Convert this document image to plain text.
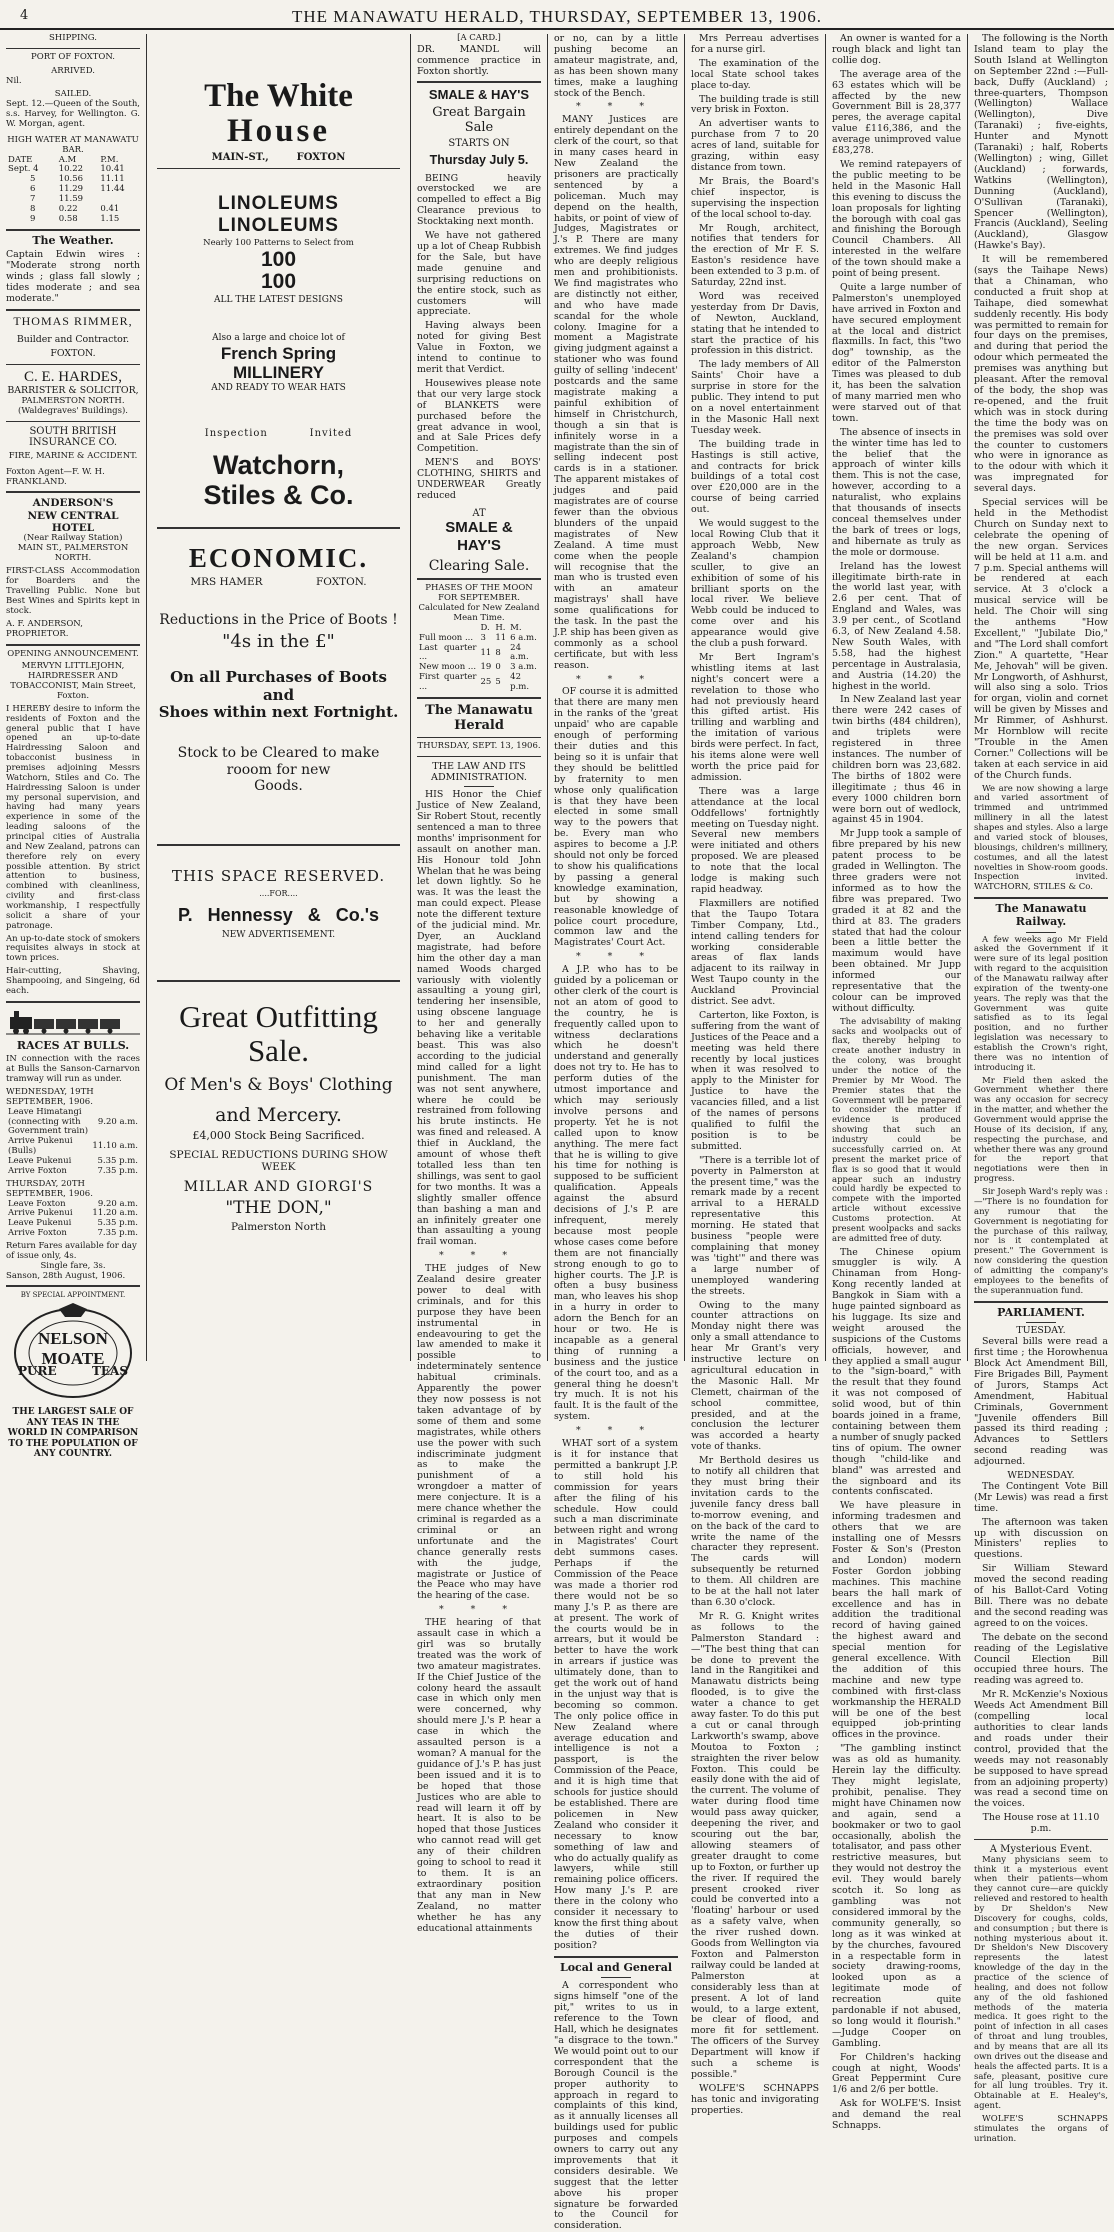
4	THE MANAWATU HERALD, THURSDAY, SEPTEMBER 13, 1906.
SHIPPING.
PORT OF FOXTON.
ARRIVED.
Nil.
SAILED.
Sept. 12.—Queen of the South, s.s. Harvey, for Wellington. G. W. Morgan, agent.
HIGH WATER AT MANAWATU BAR.
DATE	A.M	P.M.
Sept. 4	10.22	10.41
5	10.56	11.11
6	11.29	11.44
7	11.59	
8	0.22	0.41
9	0.58	1.15
The Weather.
Captain Edwin wires : "Moderate strong north winds ; glass fall slowly ; tides moderate ; and sea moderate."
THOMAS RIMMER,
Builder and Contractor.
FOXTON.
C. E. HARDES,
BARRISTER & SOLICITOR,
PALMERSTON NORTH.
(Waldegraves' Buildings).
SOUTH BRITISH INSURANCE CO.
FIRE, MARINE & ACCIDENT.
Foxton Agent—F. W. H. FRANKLAND.
ANDERSON'S
NEW CENTRAL HOTEL
(Near Railway Station)
MAIN ST., PALMERSTON NORTH.
FIRST-CLASS Accommodation for Boarders and the Travelling Public. None but Best Wines and Spirits kept in stock.
A. F. ANDERSON, PROPRIETOR.
OPENING ANNOUNCEMENT.
MERVYN LITTLEJOHN,
HAIRDRESSER AND TOBACCONIST, Main Street, Foxton.
I HEREBY desire to inform the residents of Foxton and the general public that I have opened an up-to-date Hairdressing Saloon and tobacconist business in premises adjoining Messrs Watchorn, Stiles and Co. The Hairdressing Saloon is under my personal supervision, and having had many years experience in some of the leading saloons of the principal cities of Australia and New Zealand, patrons can therefore rely on every possible attention. By strict attention to business, combined with cleanliness, civility and first-class workmanship, I respectfully solicit a share of your patronage.
An up-to-date stock of smokers requisites always in stock at town prices.
Hair-cutting, Shaving, Shampooing, and Singeing, 6d each.
RACES AT BULLS.
IN connection with the races at Bulls the Sanson-Carnarvon tramway will run as under.
WEDNESDAY, 19TH SEPTEMBER, 1906.
Leave Himatangi (connecting with Government train)	9.20 a.m.
Arrive Pukenui (Bulls)	11.10 a.m.
Leave Pukenui	5.35 p.m.
Arrive Foxton	7.35 p.m.
THURSDAY, 20TH SEPTEMBER, 1906.
Leave Foxton	9.20 a.m.
Arrive Pukenui	11.20 a.m.
Leave Pukenui	5.35 p.m.
Arrive Foxton	7.35 p.m.
Return Fares available for day of issue only, 4s.
Single fare, 3s.
Sanson, 28th August, 1906.
BY SPECIAL APPOINTMENT.
NELSON MOATE
PURE	TEAS
THE LARGEST SALE OF ANY TEAS IN THE WORLD IN COMPARISON TO THE POPULATION OF ANY COUNTRY.
The White
House
MAIN-ST.,        FOXTON
LINOLEUMS
LINOLEUMS
Nearly 100 Patterns to Select from
100
100
ALL THE LATEST DESIGNS
Also a large and choice lot of
French Spring
MILLINERY
AND READY TO WEAR HATS
Inspection          Invited
Watchorn,
Stiles & Co.
ECONOMIC.
MRS HAMER                FOXTON.
Reductions in the Price of Boots !
"4s in the £"
On all Purchases of Boots and
Shoes within next Fortnight.
Stock to be Cleared to make rooom for new
Goods.
THIS SPACE RESERVED.
....FOR....
P.   Hennessy   &   Co.'s
NEW ADVERTISEMENT.
Great Outfitting
Sale.
Of Men's & Boys' Clothing
and Mercery.
£4,000 Stock Being Sacrificed.
SPECIAL REDUCTIONS DURING SHOW WEEK
MILLAR AND GIORGI'S
"THE DON,"
Palmerston North
[A CARD.]
DR. MANDL will commence practice in Foxton shortly.
SMALE & HAY'S
Great Bargain Sale
STARTS ON
Thursday July 5.

BEING heavily overstocked we are compelled to effect a Big Clearance previous to Stocktaking next month.

We have not gathered up a lot of Cheap Rubbish for the Sale, but have made genuine and surprising reductions on the entire stock, such as customers will appreciate.

Having always been noted for giving Best Value in Foxton, we intend to continue to merit that Verdict.

Housewives please note that our very large stock of BLANKETS were purchased before the great advance in wool, and at Sale Prices defy Competition.

MEN'S and BOYS' CLOTHING, SHIRTS and UNDERWEAR Greatly reduced

AT
SMALE &
HAY'S
Clearing Sale.
PHASES OF THE MOON FOR SEPTEMBER. Calculated for New Zealand Mean Time.
	D.	H.	M.
Full moon ...	3	11	6 a.m.
Last quarter ...	11	8	24 a.m.
New moon ...	19	0	3 a.m.
First quarter ...	25	5	42 p.m.
The Manawatu Herald
THURSDAY, SEPT. 13, 1906.
THE LAW AND ITS ADMINISTRATION.

HIS Honor the Chief Justice of New Zealand, Sir Robert Stout, recently sentenced a man to three months' imprisonment for assault on another man. His Honour told John Whelan that he was being let down lightly. So he was. It was the least the man could expect. Please note the different texture of the judicial mind. Mr. Dyer, an Auckland magistrate, had before him the other day a man named Woods charged variously with violently assaulting a young girl, tendering her insensible, using obscene language to her and generally behaving like a veritable beast. This was also according to the judicial mind called for a light punishment. The man was not sent anywhere, where he could be restrained from following his brute instincts. He was fined and released. A thief in Auckland, the amount of whose theft totalled less than ten shillings, was sent to gaol for two months. It was a slightly smaller offence than bashing a man and an infinitely greater one than assaulting a young frail woman.

* * *

THE judges of New Zealand desire greater power to deal with criminals, and for this purpose they have been instrumental in endeavouring to get the law amended to make it possible to indeterminately sentence habitual criminals. Apparently the power they now possess is not taken advantage of by some of them and some magistrates, while others use the power with such indiscriminate judgment as to make the punishment of a wrongdoer a matter of mere conjecture. It is a mere chance whether the criminal is regarded as a criminal or an unfortunate and the chance generally rests with the judge, magistrate or Justice of the Peace who may have the hearing of the case.

* * *

THE hearing of that assault case in which a girl was so brutally treated was the work of two amateur magistrates. If the Chief Justice of the colony heard the assault case in which only men were concerned, why should mere J.'s P. hear a case in which the assaulted person is a woman? A manual for the guidance of J.'s P. has just been issued and it is to be hoped that those Justices who are able to read will learn it off by heart. It is also to be hoped that those Justices who cannot read will get any of their children going to school to read it to them. It is an extraordinary position that any man in New Zealand, no matter whether he has any educational attainments

or no, can by a little pushing become an amateur magistrate, and, as has been shown many times, make a laughing stock of the Bench.

* * *

MANY Justices are entirely dependant on the clerk of the court, so that in many cases heard in New Zealand the prisoners are practically sentenced by a policeman. Much may depend on the health, habits, or point of view of Judges, Magistrates or J.'s P. There are many extremes. We find judges who are deeply religious men and prohibitionists. We find magistrates who are distinctly not either, and who have made scandal for the whole colony. Imagine for a moment a Magistrate giving judgment against a stationer who was found guilty of selling 'indecent' postcards and the same magistrate making a painful exhibition of himself in Christchurch, though a sin that is infinitely worse in a magistrate than the sin of selling indecent post cards is in a stationer. The apparent mistakes of judges and paid magistrates are of course fewer than the obvious blunders of the unpaid magistrates of New Zealand. A time must come when the people will recognise that the man who is trusted even with an amateur magistrays' shall have some qualifications for the task. In the past the J.P. ship has been given as commonly as a school certificate, but with less reason.

* * *

OF course it is admitted that there are many men in the ranks of the 'great unpaid' who are capable enough of performing their duties and this being so it is unfair that they should be belittled by fraternity to men whose only qualification is that they have been elected in some small way to the powers that be. Every man who aspires to become a J.P. should not only be forced to show his qualifications by passing a general knowledge examination, but by showing a reasonable knowledge of police court procedure, common law and the Magistrates' Court Act.

* * *

A J.P. who has to be guided by a policeman or other clerk of the court is not an atom of good to the country, he is frequently called upon to witness declarations which he doesn't understand and generally does not try to. He has to perform duties of the utmost importance and which may seriously involve persons and property. Yet he is not called upon to know anything. The mere fact that he is willing to give his time for nothing is supposed to be sufficient qualification. Appeals against the absurd decisions of J.'s P. are infrequent, merely because most people whose cases come before them are not financially strong enough to go to higher courts. The J.P. is often a busy business man, who leaves his shop in a hurry in order to adorn the Bench for an hour or two. He is incapable as a general thing of running a business and the justice of the court too, and as a general thing he doesn't try much. It is not his fault. It is the fault of the system.

* * *

WHAT sort of a system is it for instance that permitted a bankrupt J.P. to still hold his commission for years after the filing of his schedule. How could such a man discriminate between right and wrong in Magistrates' Court debt summons cases. Perhaps if the Commission of the Peace was made a thorier rod there would not be so many J.'s P. as there are at present. The work of the courts would be in arrears, but it would be better to have the work in arrears if justice was ultimately done, than to get the work out of hand in the unjust way that is becoming so common. The only police office in New Zealand where average education and intelligence is not a passport, is the Commission of the Peace, and it is high time that schools for justice should be established. There are policemen in New Zealand who consider it necessary to know something of law and who do actually qualify as lawyers, while still remaining police officers. How many J.'s P. are there in the colony who consider it necessary to know the first thing about the duties of their position?

Local and General

A correspondent who signs himself "one of the pit," writes to us in reference to the Town Hall, which he designates "a disgrace to the town." We would point out to our correspondent that the Borough Council is the proper authority to approach in regard to complaints of this kind, as it annually licenses all buildings used for public purposes and compels owners to carry out any improvements that it considers desirable. We suggest that the letter above his proper signature be forwarded to the Council for consideration.

Mrs Perreau advertises for a nurse girl.

The examination of the local State school takes place to-day.

The building trade is still very brisk in Foxton.

An advertiser wants to purchase from 7 to 20 acres of land, suitable for grazing, within easy distance from town.

Mr Brais, the Board's chief inspector, is supervising the inspection of the local school to-day.

Mr Rough, architect, notifies that tenders for the erection of Mr F. S. Easton's residence have been extended to 3 p.m. of Saturday, 22nd inst.

Word was received yesterday from Dr Davis, of Newton, Auckland, stating that he intended to start the practice of his profession in this district.

The lady members of All Saints' Choir have a surprise in store for the public. They intend to put on a novel entertainment in the Masonic Hall next Tuesday week.

The building trade in Hastings is still active, and contracts for brick buildings of a total cost over £20,000 are in the course of being carried out.

We would suggest to the local Rowing Club that it approach Webb, New Zealand's champion sculler, to give an exhibition of some of his brilliant sports on the local river. We believe Webb could be induced to come over and his appearance would give the club a push forward.

Mr Bert Ingram's whistling items at last night's concert were a revelation to those who had not previously heard this gifted artist. His trilling and warbling and the imitation of various birds were perfect. In fact, his items alone were well worth the price paid for admission.

There was a large attendance at the local Oddfellows' fortnightly meeting on Tuesday night. Several new members were initiated and others proposed. We are pleased to note that the local lodge is making such rapid headway.

Flaxmillers are notified that the Taupo Totara Timber Company, Ltd., intend calling tenders for working considerable areas of flax lands adjacent to its railway in West Taupo county in the Auckland Provincial district. See advt.

Carterton, like Foxton, is suffering from the want of Justices of the Peace and a meeting was held there recently by local justices when it was resolved to apply to the Minister for Justice to have the vacancies filled, and a list of the names of persons qualified to fulfil the position is to be submitted.

"There is a terrible lot of poverty in Palmerston at the present time," was the remark made by a recent arrival to a HERALD representative this morning. He stated that business "people were complaining that money was 'tight'" and there was a large number of unemployed wandering the streets.

Owing to the many counter attractions on Monday night there was only a small attendance to hear Mr Grant's very instructive lecture on agricultural education in the Masonic Hall. Mr Clemett, chairman of the school committee, presided, and at the conclusion the lecturer was accorded a hearty vote of thanks.

Mr Berthold desires us to notify all children that they must bring their invitation cards to the juvenile fancy dress ball to-morrow evening, and on the back of the card to write the name of the character they represent. The cards will subsequently be returned to them. All children are to be at the hall not later than 6.30 o'clock.

Mr R. G. Knight writes as follows to the Palmerston Standard :—"The best thing that can be done to prevent the land in the Rangitikei and Manawatu districts being flooded, is to give the water a chance to get away faster. To do this put a cut or canal through Larkworth's swamp, above Moutoa to Foxton ; straighten the river below Foxton. This could be easily done with the aid of the current. The volume of water during flood time would pass away quicker, deepening the river, and scouring out the bar, allowing steamers of greater draught to come up to Foxton, or further up the river. If required the present crooked river could be converted into a 'floating' harbour or used as a safety valve, when the river rushed down. Goods from Wellington via Foxton and Palmerston railway could be landed at Palmerston at considerably less than at present. A lot of land would, to a large extent, be clear of flood, and more fit for settlement. The officers of the Survey Department will know if such a scheme is possible."

WOLFE'S SCHNAPPS has tonic and invigorating properties.

An owner is wanted for a rough black and light tan collie dog.

The average area of the 63 estates which will be affected by the new Government Bill is 28,377 peres, the average capital value £116,386, and the average unimproved value £83,278.

We remind ratepayers of the public meeting to be held in the Masonic Hall this evening to discuss the loan proposals for lighting the borough with coal gas and finishing the Borough Council Chambers. All interested in the welfare of the town should make a point of being present.

Quite a large number of Palmerston's unemployed have arrived in Foxton and have secured employment at the local and district flaxmills. In fact, this "two dog" township, as the editor of the Palmerston Times was pleased to dub it, has been the salvation of many married men who were starved out of that town.

The absence of insects in the winter time has led to the belief that the approach of winter kills them. This is not the case, however, according to a naturalist, who explains that thousands of insects conceal themselves under the bark of trees or logs, and hibernate as truly as the mole or dormouse.

Ireland has the lowest illegitimate birth-rate in the world last year, with 2.6 per cent. That of England and Wales, was 3.9 per cent., of Scotland 6.3, of New Zealand 4.58. New South Wales, with 5.58, had the highest percentage in Australasia, and Austria (14.20) the highest in the world.

In New Zealand last year there were 242 cases of twin births (484 children), and triplets were registered in three instances. The number of children born was 23,682. The births of 1802 were illegitimate ; thus 46 in every 1000 children born were born out of wedlock, against 45 in 1904.

Mr Jupp took a sample of fibre prepared by his new patent process to be graded in Wellington. The three graders were not informed as to how the fibre was prepared. Two graded it at 82 and the third at 83. The graders stated that had the colour been a little better the maximum would have been obtained. Mr Jupp informed our representative that the colour can be improved without difficulty.

The advisability of making sacks and woolpacks out of flax, thereby helping to create another industry in the colony, was brought under the notice of the Premier by Mr Wood. The Premier states that the Government will be prepared to consider the matter if evidence is produced showing that such an industry could be successfully carried on. At present the market price of flax is so good that it would appear such an industry could hardly be expected to compete with the imported article without excessive Customs protection. At present woolpacks and sacks are admitted free of duty.

The Chinese opium smuggler is wily. A Chinaman from Hong-Kong recently landed at Bangkok in Siam with a huge painted signboard as his luggage. Its size and weight aroused the suspicions of the Customs officials, however, and they applied a small augur to the "sign-board," with the result that they found it was not composed of solid wood, but of thin boards joined in a frame, containing between them a number of snugly packed tins of opium. The owner though "child-like and bland" was arrested and the signboard and its contents confiscated.

We have pleasure in informing tradesmen and others that we are installing one of Messrs Foster & Son's (Preston and London) modern Foster Gordon jobbing machines. This machine bears the hall mark of excellence and has in addition the traditional record of having gained the highest award and special mention for general excellence. With the addition of this machine and new type combined with first-class workmanship the HERALD will be one of the best equipped job-printing offices in the province.

"The gambling instinct was as old as humanity. Herein lay the difficulty. They might legislate, prohibit, penalise. They might have Chinamen now and again, send a bookmaker or two to gaol occasionally, abolish the totalisator, and pass other restrictive measures, but they would not destroy the evil. They would barely scotch it. So long as gambling was not considered immoral by the community generally, so long as it was winked at by the churches, favoured in a respectable form in society drawing-rooms, looked upon as a legitimate mode of recreation quite pardonable if not abused, so long would it flourish." —Judge Cooper on Gambling.

For Children's hacking cough at night, Woods' Great Peppermint Cure 1/6 and 2/6 per bottle.

Ask for WOLFE'S. Insist and demand the real Schnapps.

The following is the North Island team to play the South Island at Wellington on September 22nd :—Full-back, Duffy (Auckland) ; three-quarters, Thompson (Wellington) Wallace (Wellington), Dive (Taranaki) ; five-eights, Hunter and Mynott (Taranaki) ; half, Roberts (Wellington) ; wing, Gillet (Auckland) ; forwards, Watkins (Wellington), Dunning (Auckland), O'Sullivan (Taranaki), Spencer (Wellington), Francis (Auckland), Seeling (Auckland), Glasgow (Hawke's Bay).

It will be remembered (says the Taihape News) that a Chinaman, who conducted a fruit shop at Taihape, died somewhat suddenly recently. His body was permitted to remain for four days on the premises, and during that period the odour which permeated the premises was anything but pleasant. After the removal of the body, the shop was re-opened, and the fruit which was in stock during the time the body was on the premises was sold over the counter to customers who were in ignorance as to the odour with which it was impregnated for several days.

Special services will be held in the Methodist Church on Sunday next to celebrate the opening of the new organ. Services will be held at 11 a.m. and 7 p.m. Special anthems will be rendered at each service. At 3 o'clock a musical service will be held. The Choir will sing the anthems "How Excellent," "Jubilate Dio," and "The Lord shall comfort Zion." A quartette, "Hear Me, Jehovah" will be given. Mr Longworth, of Ashhurst, will also sing a solo. Trios for organ, violin and cornet will be given by Misses and Mr Rimmer, of Ashhurst. Mr Hornblow will recite "Trouble in the Amen Corner." Collections will be taken at each service in aid of the Church funds.

We are now showing a large and varied assortment of trimmed and untrimmed millinery in all the latest shapes and styles. Also a large and varied stock of blouses, blousings, children's millinery, costumes, and all the latest novelties in Show-room goods. Inspection invited. WATCHORN, STILES & Co.

The Manawatu Railway.

A few weeks ago Mr Field asked the Government if it were sure of its legal position with regard to the acquisition of the Manawatu railway after expiration of the twenty-one years. The reply was that the Government was quite satisfied as to its legal position, and no further legislation was necessary to establish the Crown's right, there was no intention of introducing it.

Mr Field then asked the Government whether there was any occasion for secrecy in the matter, and whether the Government would apprise the House of its decision, if any, respecting the purchase, and whether there was any ground for the report that negotiations were then in progress.

Sir Joseph Ward's reply was :—"There is no foundation for any rumour that the Government is negotiating for the purchase of this railway, nor is it contemplated at present." The Government is now considering the question of admitting the company's employees to the benefits of the superannuation fund.

PARLIAMENT.
TUESDAY.

Several bills were read a first time ; the Horowhenua Block Act Amendment Bill, Fire Brigades Bill, Payment of Jurors, Stamps Act Amendment, Habitual Criminals, Government "Juvenile offenders Bill passed its third reading ; Advances to Settlers second reading was adjourned.

WEDNESDAY.

The Contingent Vote Bill (Mr Lewis) was read a first time.

The afternoon was taken up with discussion on Ministers' replies to questions.

Sir William Steward moved the second reading of his Ballot-Card Voting Bill. There was no debate and the second reading was agreed to on the voices.

The debate on the second reading of the Legislative Council Election Bill occupied three hours. The reading was agreed to.

Mr R. McKenzie's Noxious Weeds Act Amendment Bill (compelling local authorities to clear lands and roads under their control, provided that the weeds may not reasonably be supposed to have spread from an adjoining property) was read a second time on the voices.

The House rose at 11.10 p.m.
A Mysterious Event.

Many physicians seem to think it a mysterious event when their patients—whom they cannot cure—are quickly relieved and restored to health by Dr Sheldon's New Discovery for coughs, colds, and consumption ; but there is nothing mysterious about it. Dr Sheldon's New Discovery represents the latest knowledge of the day in the practice of the science of healing, and does not follow any of the old fashioned methods of the materia medica. It goes right to the point of infection in all cases of throat and lung troubles, and by means that are all its own drives out the disease and heals the affected parts. It is a safe, pleasant, positive cure for all lung troubles. Try it. Obtainable at E. Healey's, agent.

WOLFE'S SCHNAPPS stimulates the organs of urination.
